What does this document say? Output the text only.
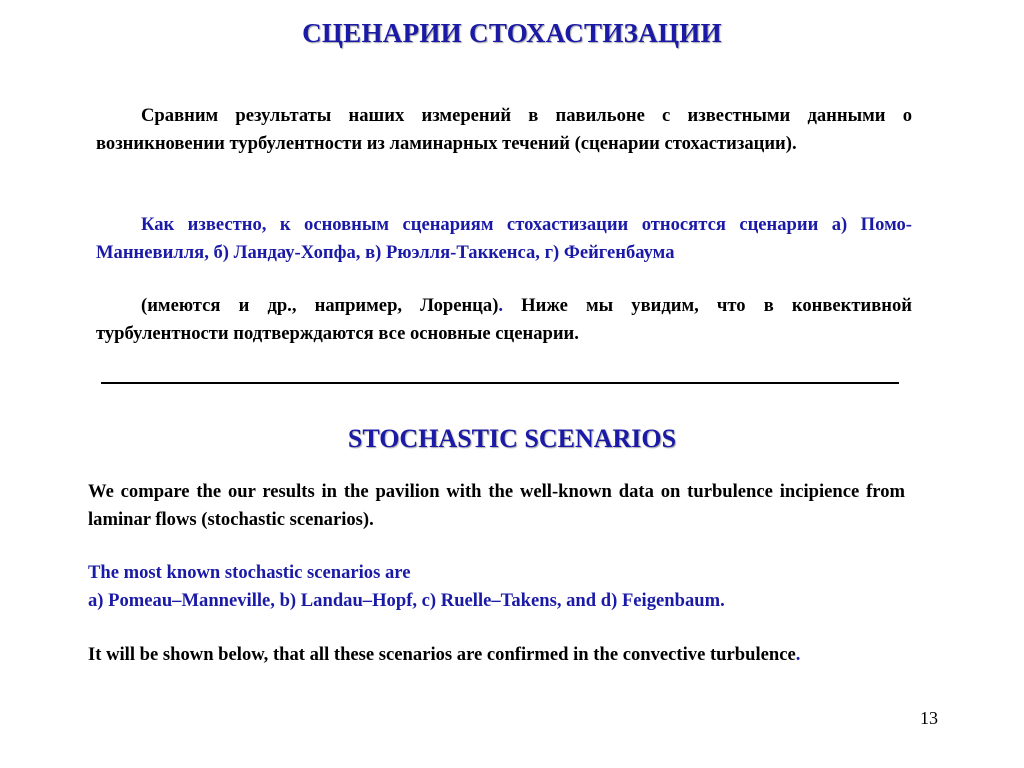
СЦЕНАРИИ СТОХАСТИЗАЦИИ

Сравним результаты наших измерений в павильоне с известными данными о возникновении турбулентности из ламинарных течений (сценарии стохастизации).

Как известно, к основным сценариям стохастизации относятся сценарии а) Помо-Манневилля, б) Ландау-Хопфа, в) Рюэлля-Таккенса, г) Фейгенбаума

(имеются и др., например, Лоренца). Ниже мы увидим, что в конвективной турбулентности подтверждаются все основные сценарии.

STOCHASTIC SCENARIOS

We compare the our results in the pavilion with the well-known data on turbulence incipience from laminar flows (stochastic scenarios).

The most known stochastic scenarios are
a) Pomeau–Manneville, b) Landau–Hopf, c) Ruelle–Takens, and d) Feigenbaum.

It will be shown below, that all these scenarios are confirmed in the convective turbulence.

13
